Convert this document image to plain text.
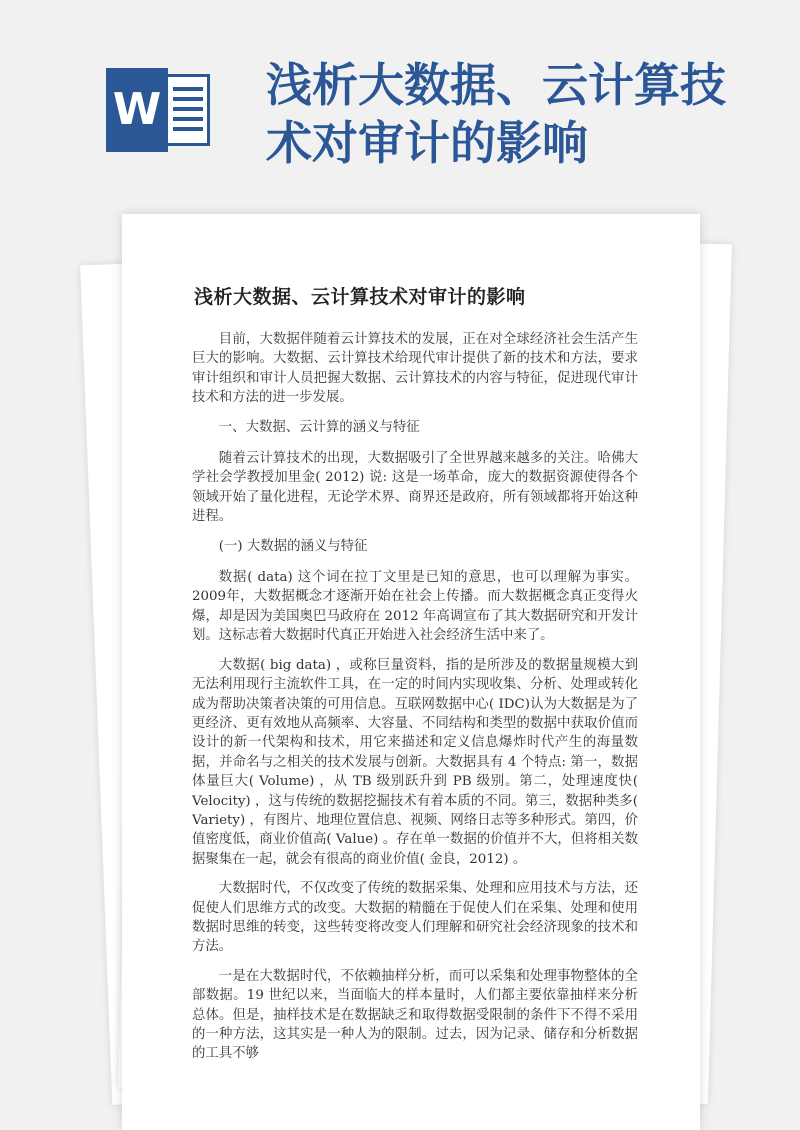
W 浅析大数据、云计算技术对审计的影响
浅析大数据、云计算技术对审计的影响

目前，大数据伴随着云计算技术的发展，正在对全球经济社会生活产生巨大的影响。大数据、云计算技术给现代审计提供了新的技术和方法，要求审计组织和审计人员把握大数据、云计算技术的内容与特征，促进现代审计技术和方法的进一步发展。

一、大数据、云计算的涵义与特征

随着云计算技术的出现，大数据吸引了全世界越来越多的关注。哈佛大学社会学教授加里金( 2012) 说: 这是一场革命，庞大的数据资源使得各个领域开始了量化进程，无论学术界、商界还是政府，所有领域都将开始这种进程。

(一) 大数据的涵义与特征

数据( data) 这个词在拉丁文里是已知的意思，也可以理解为事实。2009年，大数据概念才逐渐开始在社会上传播。而大数据概念真正变得火爆，却是因为美国奥巴马政府在 2012 年高调宣布了其大数据研究和开发计划。这标志着大数据时代真正开始进入社会经济生活中来了。

大数据( big data) ，或称巨量资料，指的是所涉及的数据量规模大到无法利用现行主流软件工具，在一定的时间内实现收集、分析、处理或转化成为帮助决策者决策的可用信息。互联网数据中心( IDC)认为大数据是为了更经济、更有效地从高频率、大容量、不同结构和类型的数据中获取价值而设计的新一代架构和技术，用它来描述和定义信息爆炸时代产生的海量数据，并命名与之相关的技术发展与创新。大数据具有 4 个特点: 第一，数据体量巨大( Volume) ，从 TB 级别跃升到 PB 级别。第二，处理速度快( Velocity) ，这与传统的数据挖掘技术有着本质的不同。第三，数据种类多( Variety) ，有图片、地理位置信息、视频、网络日志等多种形式。第四，价值密度低，商业价值高( Value) 。存在单一数据的价值并不大，但将相关数据聚集在一起，就会有很高的商业价值( 金良，2012) 。

大数据时代，不仅改变了传统的数据采集、处理和应用技术与方法，还促使人们思维方式的改变。大数据的精髓在于促使人们在采集、处理和使用数据时思维的转变，这些转变将改变人们理解和研究社会经济现象的技术和方法。

一是在大数据时代，不依赖抽样分析，而可以采集和处理事物整体的全部数据。19 世纪以来，当面临大的样本量时，人们都主要依靠抽样来分析总体。但是，抽样技术是在数据缺乏和取得数据受限制的条件下不得不采用的一种方法，这其实是一种人为的限制。过去，因为记录、储存和分析数据的工具不够
